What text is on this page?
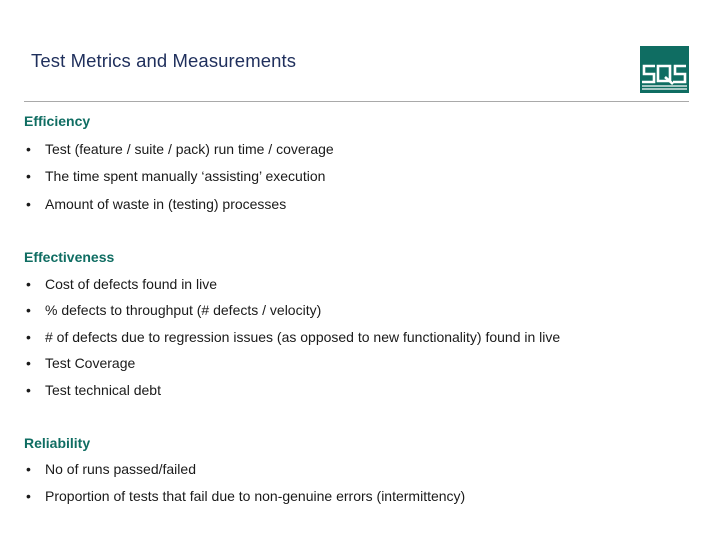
Test Metrics and Measurements
Efficiency
• Test (feature / suite / pack) run time / coverage
• The time spent manually ‘assisting’ execution
• Amount of waste in (testing) processes
Effectiveness
• Cost of defects found in live
• % defects to throughput (# defects / velocity)
• # of defects due to regression issues (as opposed to new functionality) found in live
• Test Coverage
• Test technical debt
Reliability
• No of runs passed/failed
• Proportion of tests that fail due to non-genuine errors (intermittency)
